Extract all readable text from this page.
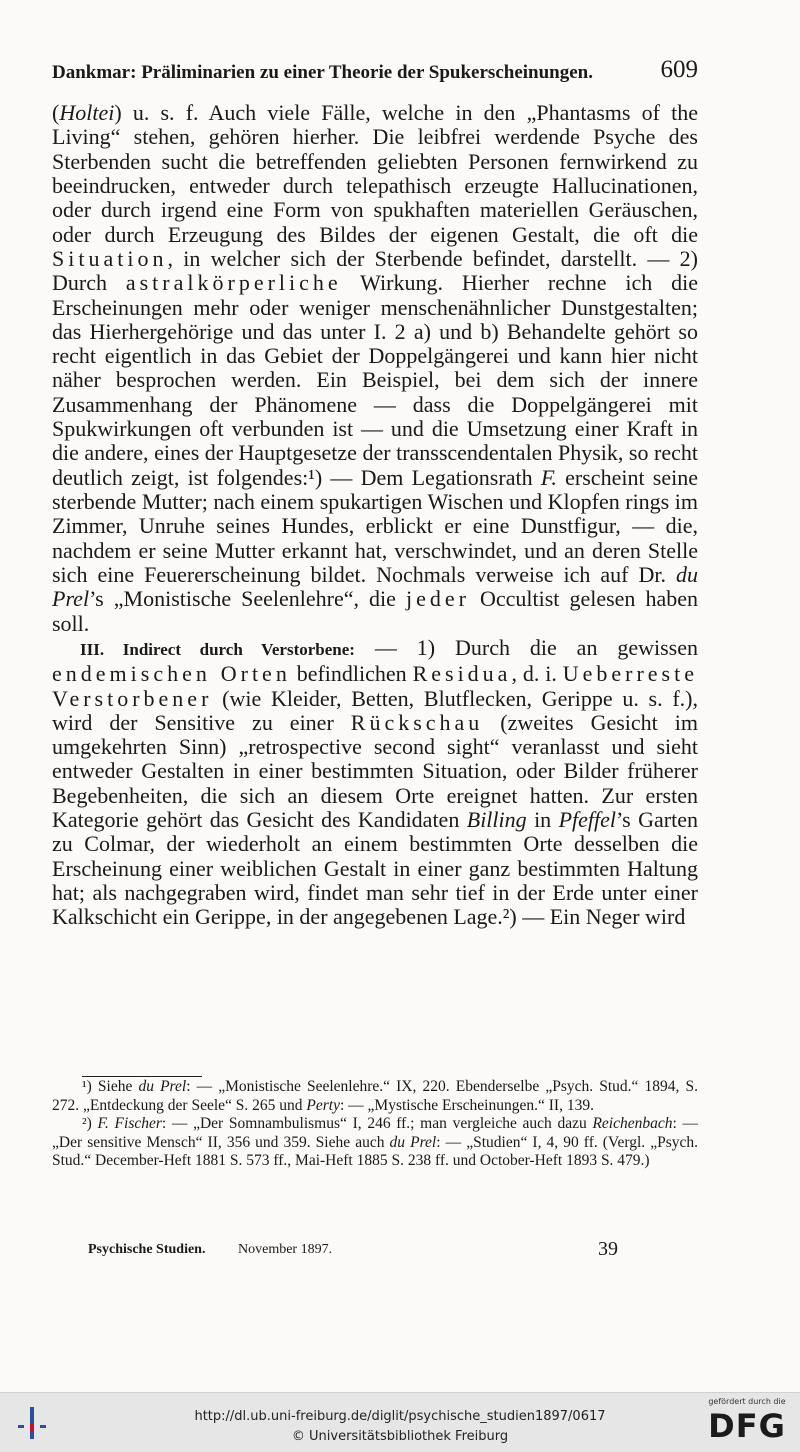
Dankmar: Präliminarien zu einer Theorie der Spukerscheinungen.	609

(Holtei) u. s. f. Auch viele Fälle, welche in den „Phantasms of the Living“ stehen, gehören hierher. Die leibfrei werdende Psyche des Sterbenden sucht die betreffenden geliebten Personen fernwirkend zu beeindrucken, entweder durch telepathisch erzeugte Hallucinationen, oder durch irgend eine Form von spukhaften materiellen Geräuschen, oder durch Erzeugung des Bildes der eigenen Gestalt, die oft die Situation, in welcher sich der Sterbende befindet, darstellt. — 2) Durch astralkörperliche Wirkung. Hierher rechne ich die Erscheinungen mehr oder weniger menschenähnlicher Dunstgestalten; das Hierhergehörige und das unter I. 2 a) und b) Behandelte gehört so recht eigentlich in das Gebiet der Doppelgängerei und kann hier nicht näher besprochen werden. Ein Beispiel, bei dem sich der innere Zusammenhang der Phänomene — dass die Doppelgängerei mit Spukwirkungen oft verbunden ist — und die Umsetzung einer Kraft in die andere, eines der Hauptgesetze der transscendentalen Physik, so recht deutlich zeigt, ist folgendes:¹) — Dem Legationsrath F. erscheint seine sterbende Mutter; nach einem spukartigen Wischen und Klopfen rings im Zimmer, Unruhe seines Hundes, erblickt er eine Dunstfigur, — die, nachdem er seine Mutter erkannt hat, verschwindet, und an deren Stelle sich eine Feuererscheinung bildet. Nochmals verweise ich auf Dr. du Prel’s „Monistische Seelenlehre“, die jeder Occultist gelesen haben soll.

III. Indirect durch Verstorbene: — 1) Durch die an gewissen endemischen Orten befindlichen Residua, d. i. Ueberreste Verstorbener (wie Kleider, Betten, Blutflecken, Gerippe u. s. f.), wird der Sensitive zu einer Rückschau (zweites Gesicht im umgekehrten Sinn) „retrospective second sight“ veranlasst und sieht entweder Gestalten in einer bestimmten Situation, oder Bilder früherer Begebenheiten, die sich an diesem Orte ereignet hatten. Zur ersten Kategorie gehört das Gesicht des Kandidaten Billing in Pfeffel’s Garten zu Colmar, der wiederholt an einem bestimmten Orte desselben die Erscheinung einer weiblichen Gestalt in einer ganz bestimmten Haltung hat; als nachgegraben wird, findet man sehr tief in der Erde unter einer Kalkschicht ein Gerippe, in der angegebenen Lage.²) — Ein Neger wird

¹) Siehe du Prel: — „Monistische Seelenlehre.“ IX, 220. Ebenderselbe „Psych. Stud.“ 1894, S. 272. „Entdeckung der Seele“ S. 265 und Perty: — „Mystische Erscheinungen.“ II, 139.

²) F. Fischer: — „Der Somnambulismus“ I, 246 ff.; man vergleiche auch dazu Reichenbach: — „Der sensitive Mensch“ II, 356 und 359. Siehe auch du Prel: — „Studien“ I, 4, 90 ff. (Vergl. „Psych. Stud.“ December-Heft 1881 S. 573 ff., Mai-Heft 1885 S. 238 ff. und October-Heft 1893 S. 479.)

Psychische Studien. November 1897.	39
http://dl.ub.uni-freiburg.de/diglit/psychische_studien1897/0617
© Universitätsbibliothek Freiburg
gefördert durch die
DFG
